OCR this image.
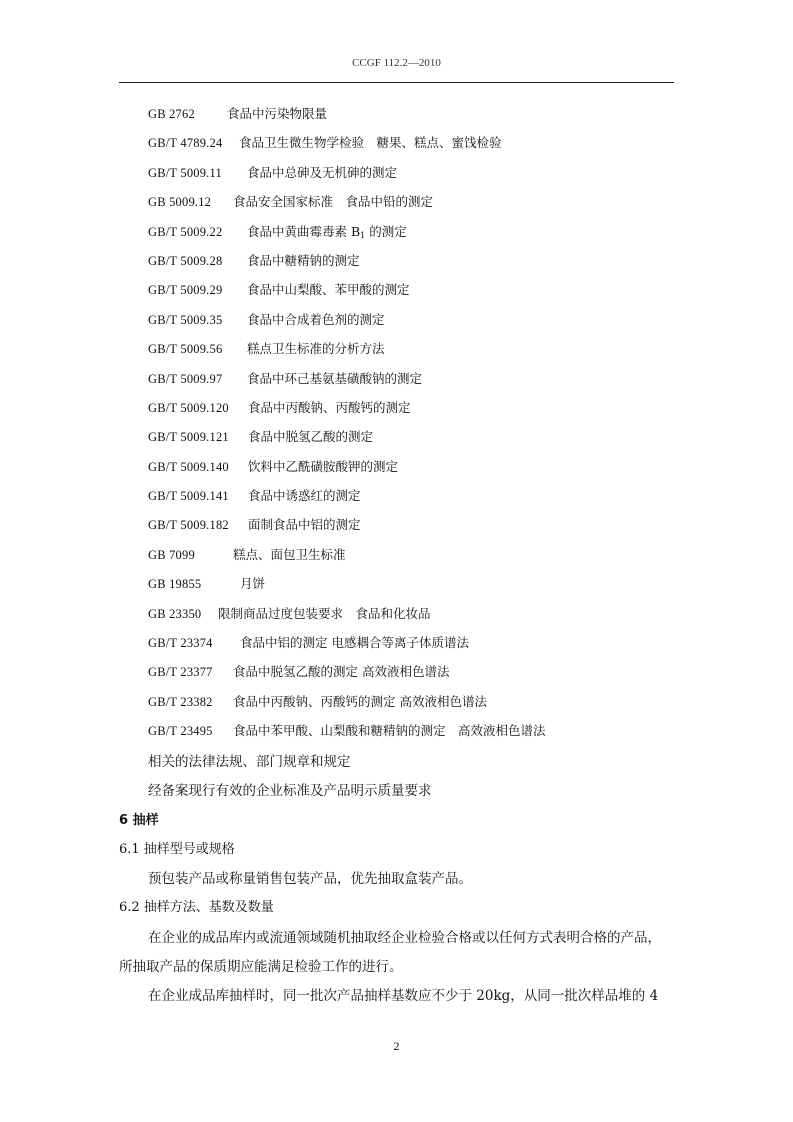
CCGF 112.2—2010
GB 2762	食品中污染物限量
GB/T 4789.24 食品卫生微生物学检验　糖果、糕点、蜜饯检验
GB/T 5009.11 食品中总砷及无机砷的测定
GB 5009.12 食品安全国家标准　食品中铅的测定
GB/T 5009.22 食品中黄曲霉毒素 $B_1$ 的测定
GB/T 5009.28 食品中糖精钠的测定
GB/T 5009.29 食品中山梨酸、苯甲酸的测定
GB/T 5009.35 食品中合成着色剂的测定
GB/T 5009.56 糕点卫生标准的分析方法
GB/T 5009.97 食品中环己基氨基磺酸钠的测定
GB/T 5009.120 食品中丙酸钠、丙酸钙的测定
GB/T 5009.121 食品中脱氢乙酸的测定
GB/T 5009.140 饮料中乙酰磺胺酸钾的测定
GB/T 5009.141 食品中诱惑红的测定
GB/T 5009.182 面制食品中铝的测定
GB 7099	糕点、面包卫生标准
GB 19855	月饼
GB 23350 限制商品过度包装要求　食品和化妆品
GB/T 23374 食品中铝的测定 电感耦合等离子体质谱法
GB/T 23377 食品中脱氢乙酸的测定 高效液相色谱法
GB/T 23382 食品中丙酸钠、丙酸钙的测定 高效液相色谱法
GB/T 23495 食品中苯甲酸、山梨酸和糖精钠的测定　高效液相色谱法
相关的法律法规、部门规章和规定
经备案现行有效的企业标准及产品明示质量要求
6 抽样
6.1 抽样型号或规格
预包装产品或称量销售包装产品，优先抽取盒装产品。
6.2 抽样方法、基数及数量
在企业的成品库内或流通领域随机抽取经企业检验合格或以任何方式表明合格的产品，
所抽取产品的保质期应能满足检验工作的进行。
在企业成品库抽样时，同一批次产品抽样基数应不少于 20kg，从同一批次样品堆的 4
2
